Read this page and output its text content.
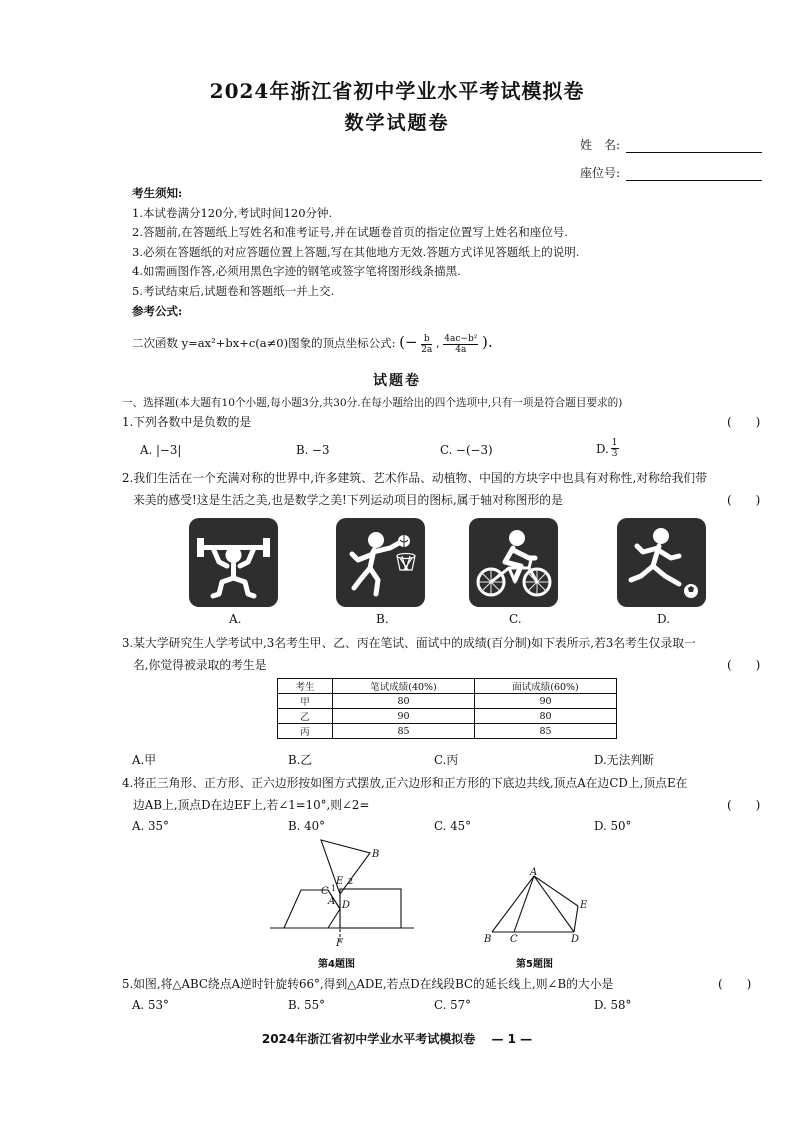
2024年浙江省初中学业水平考试模拟卷
数学试题卷
姓　名:
座位号:
考生须知:
1.本试卷满分120分,考试时间120分钟.
2.答题前,在答题纸上写姓名和准考证号,并在试题卷首页的指定位置写上姓名和座位号.
3.必须在答题纸的对应答题位置上答题,写在其他地方无效.答题方式详见答题纸上的说明.
4.如需画图作答,必须用黑色字迹的钢笔或签字笔将图形线条描黑.
5.考试结束后,试题卷和答题纸一并上交.
参考公式:
二次函数 y=ax²+bx+c(a≠0)图象的顶点坐标公式: (− $\frac{b}{2a}$ , $\frac{\text{4ac−b²}}{4a}$ ).
试题卷
一、选择题(本大题有10个小题,每小题3分,共30分.在每小题给出的四个选项中,只有一项是符合题目要求的)
1.下列各数中是负数的是	(　　)
A. |−3|	B. −3	C. −(−3)	D. $\frac{1}{3}$
2.我们生活在一个充满对称的世界中,许多建筑、艺术作品、动植物、中国的方块字中也具有对称性,对称给我们带
来美的感受!这是生活之美,也是数学之美!下列运动项目的图标,属于轴对称图形的是	(　　)
A.	B.	C.	D.
3.某大学研究生人学考试中,3名考生甲、乙、丙在笔试、面试中的成绩(百分制)如下表所示,若3名考生仅录取一
名,你觉得被录取的考生是	(　　)
考生	笔试成绩(40%)	面试成绩(60%)
甲	80	90
乙	90	80
丙	85	85
A.甲	B.乙	C.丙	D.无法判断
4.将正三角形、正方形、正六边形按如图方式摆放,正六边形和正方形的下底边共线,顶点A在边CD上,顶点E在
边AB上,顶点D在边EF上,若∠1=10°,则∠2=	(　　)
A. 35°	B. 40°	C. 45°	D. 50°
B
E 2
1
C
A D
F
第4题图
A
E
B C	D
第5题图
5.如图,将△ABC绕点A逆时针旋转66°,得到△ADE,若点D在线段BC的延长线上,则∠B的大小是	(　　)
A. 53°	B. 55°	C. 57°	D. 58°
2024年浙江省初中学业水平考试模拟卷 — 1 —
